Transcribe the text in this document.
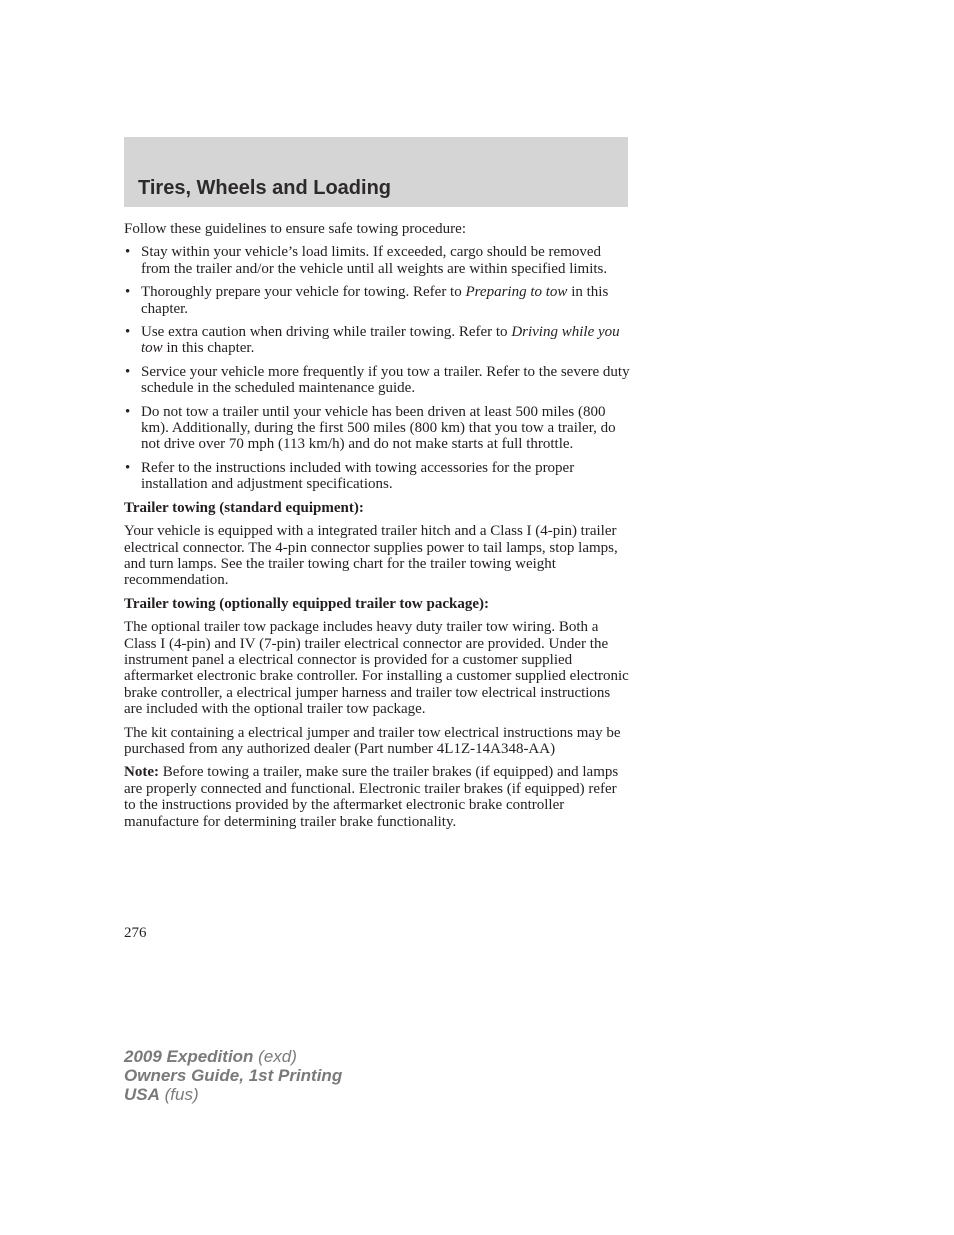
Tires, Wheels and Loading

Follow these guidelines to ensure safe towing procedure:

• Stay within your vehicle’s load limits. If exceeded, cargo should be removed from the trailer and/or the vehicle until all weights are within specified limits.
• Thoroughly prepare your vehicle for towing. Refer to Preparing to tow in this chapter.
• Use extra caution when driving while trailer towing. Refer to Driving while you tow in this chapter.
• Service your vehicle more frequently if you tow a trailer. Refer to the severe duty schedule in the scheduled maintenance guide.
• Do not tow a trailer until your vehicle has been driven at least 500 miles (800 km). Additionally, during the first 500 miles (800 km) that you tow a trailer, do not drive over 70 mph (113 km/h) and do not make starts at full throttle.
• Refer to the instructions included with towing accessories for the proper installation and adjustment specifications.

Trailer towing (standard equipment):

Your vehicle is equipped with a integrated trailer hitch and a Class I (4-pin) trailer electrical connector. The 4-pin connector supplies power to tail lamps, stop lamps, and turn lamps. See the trailer towing chart for the trailer towing weight recommendation.

Trailer towing (optionally equipped trailer tow package):

The optional trailer tow package includes heavy duty trailer tow wiring. Both a Class I (4-pin) and IV (7-pin) trailer electrical connector are provided. Under the instrument panel a electrical connector is provided for a customer supplied aftermarket electronic brake controller. For installing a customer supplied electronic brake controller, a electrical jumper harness and trailer tow electrical instructions are included with the optional trailer tow package.

The kit containing a electrical jumper and trailer tow electrical instructions may be purchased from any authorized dealer (Part number 4L1Z-14A348-AA)

Note: Before towing a trailer, make sure the trailer brakes (if equipped) and lamps are properly connected and functional. Electronic trailer brakes (if equipped) refer to the instructions provided by the aftermarket electronic brake controller manufacture for determining trailer brake functionality.

276
2009 Expedition (exd)
Owners Guide, 1st Printing
USA (fus)
